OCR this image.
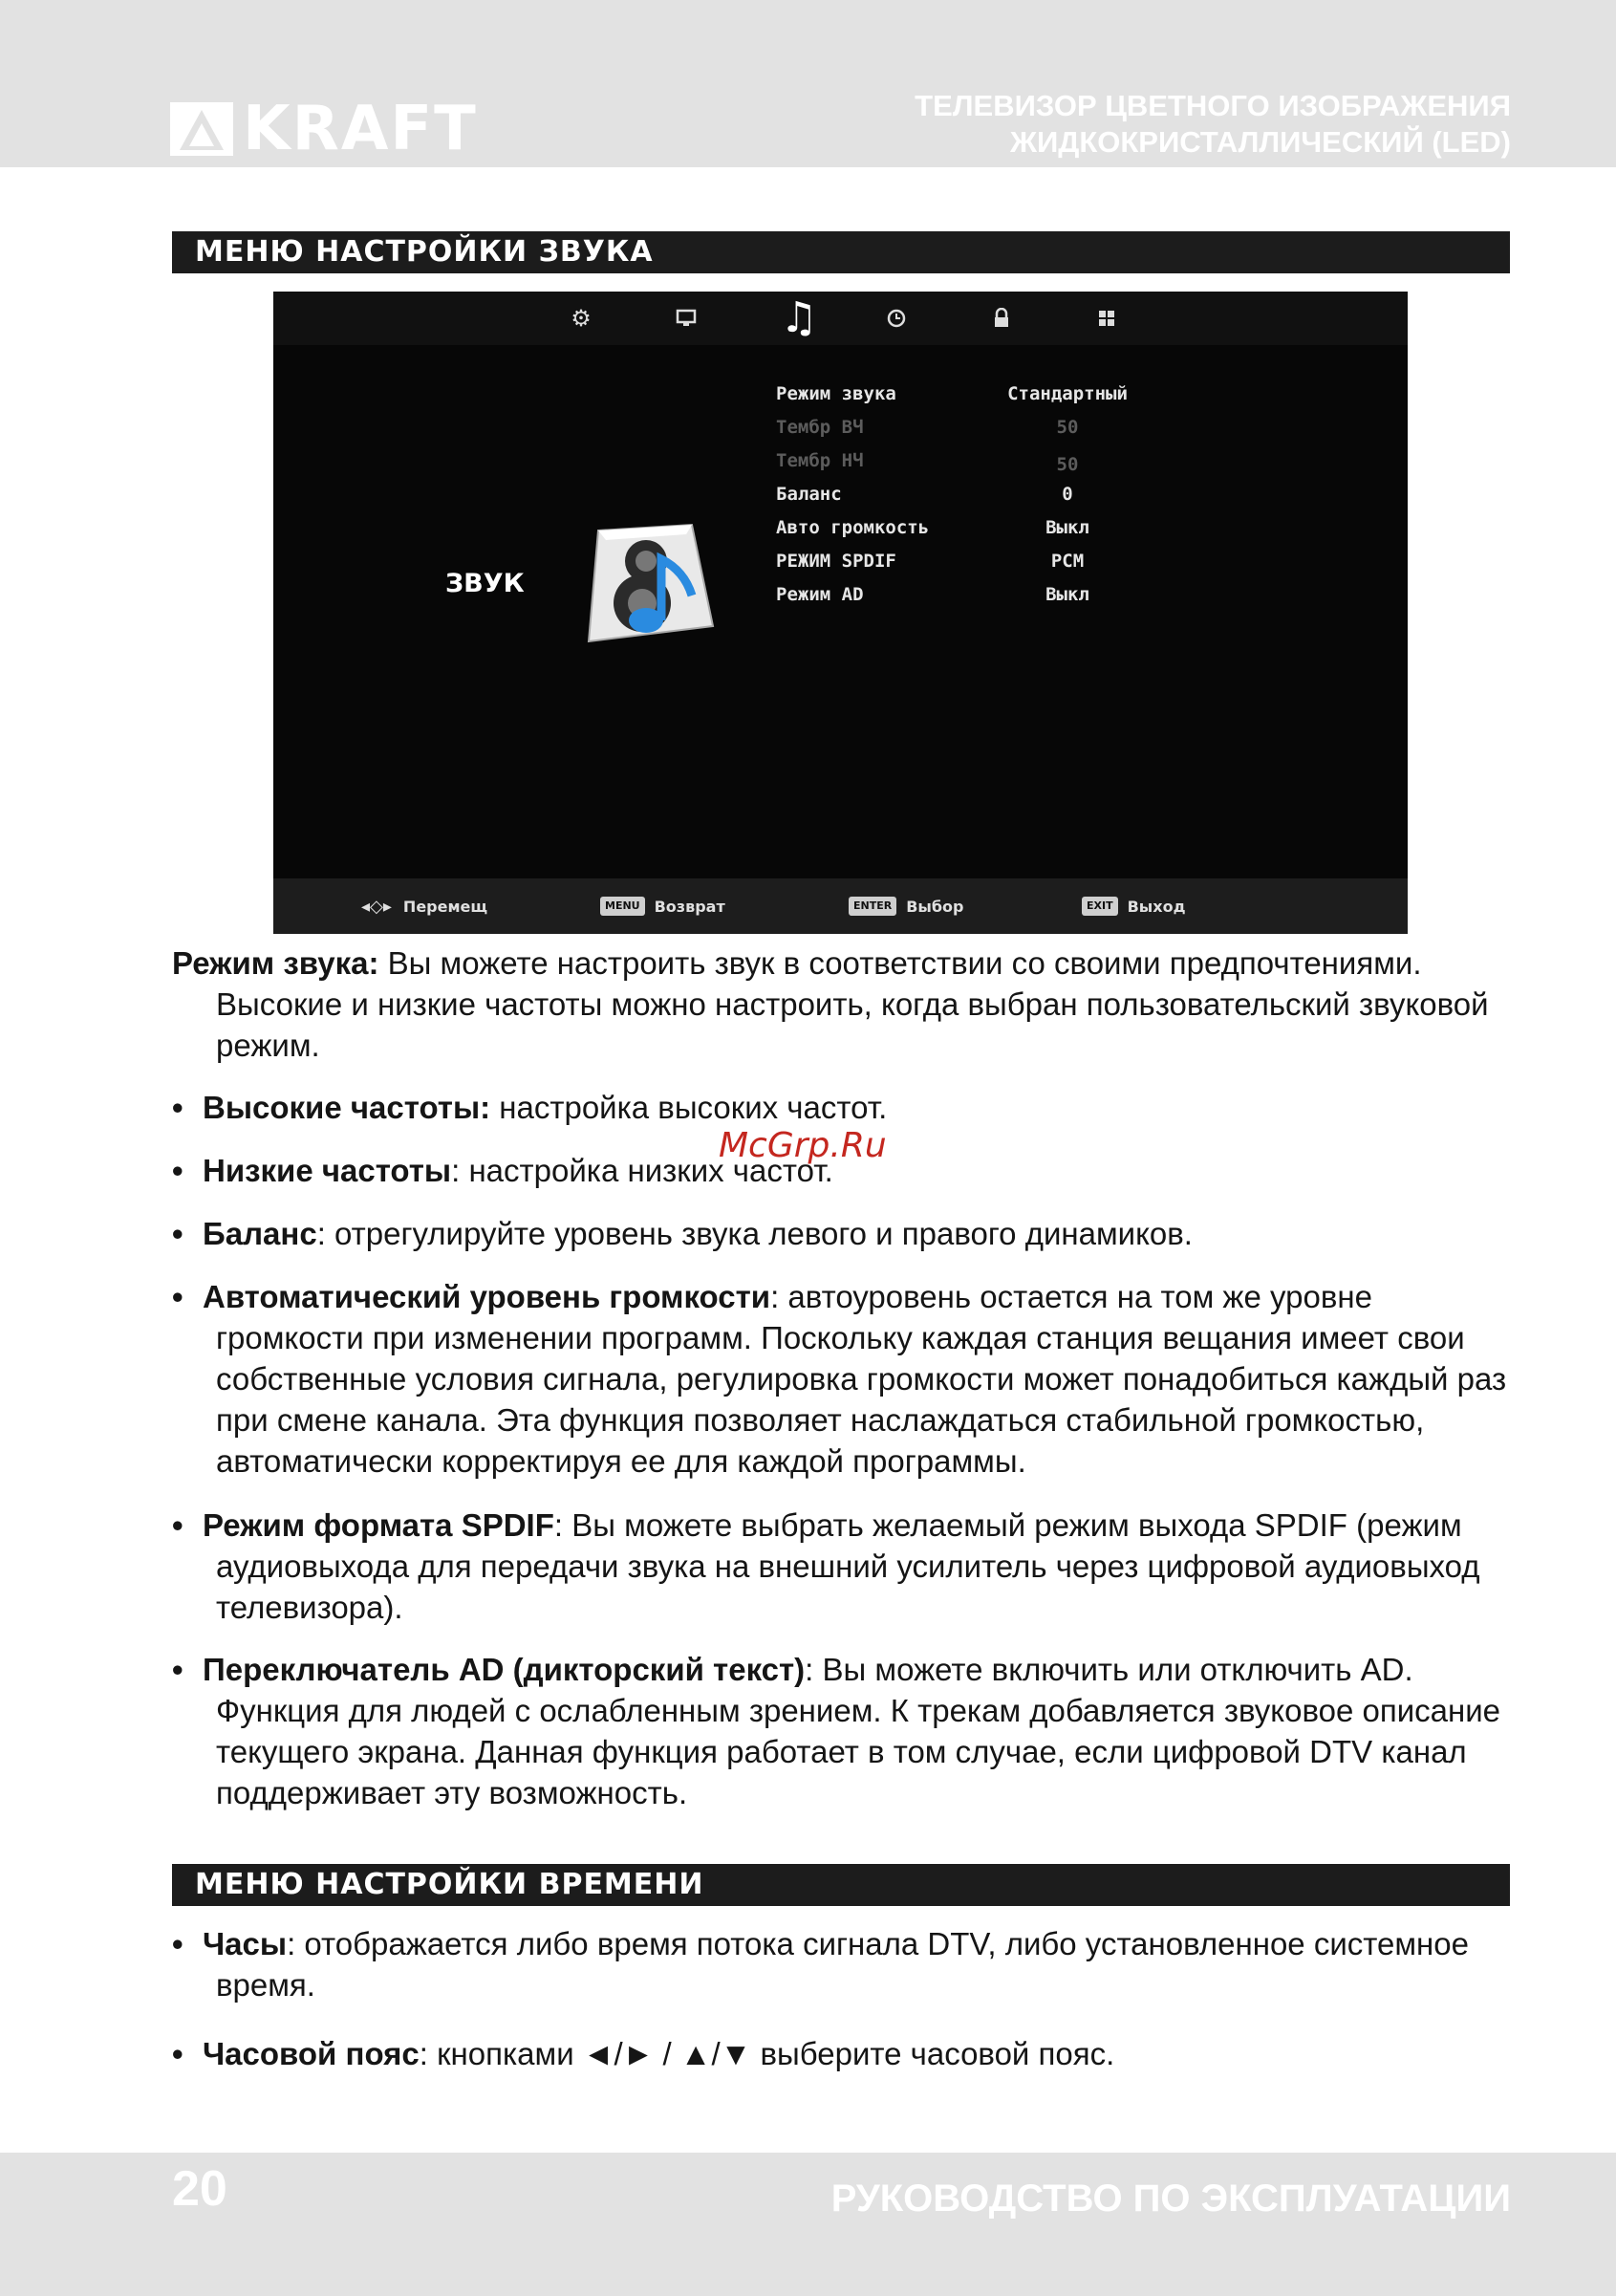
KRAFT	ТЕЛЕВИЗОР ЦВЕТНОГО ИЗОБРАЖЕНИЯ
ЖИДКОКРИСТАЛЛИЧЕСКИЙ (LED)
МЕНЮ НАСТРОЙКИ ЗВУКА
⚙	♫
ЗВУК
Режим звука	Стандартный
Тембр ВЧ	50
Тембр НЧ	50
Баланс	0
Авто громкость	Выкл
РЕЖИМ SPDIF	PCM
Режим AD	Выкл
◂◇▸ Перемещ	MENU Возврат	ENTER Выбор	EXIT Выход
Режим звука: Вы можете настроить звук в соответствии со своими предпочтениями. Высокие и низкие частоты можно настроить, когда выбран пользовательский звуковой режим.
• Высокие частоты: настройка высоких частот.
• Низкие частоты: настройка низких частот.
• Баланс: отрегулируйте уровень звука левого и правого динамиков.
• Автоматический уровень громкости: автоуровень остается на том же уровне громкости при изменении программ. Поскольку каждая станция вещания имеет свои собственные условия сигнала, регулировка громкости может понадобиться каждый раз при смене канала. Эта функция позволяет наслаждаться стабильной громкостью, автоматически корректируя ее для каждой программы.
• Режим формата SPDIF: Вы можете выбрать желаемый режим выхода SPDIF (режим аудиовыхода для передачи звука на внешний усилитель через цифровой аудиовыход телевизора).
• Переключатель AD (дикторский текст): Вы можете включить или отключить AD. Функция для людей с ослабленным зрением. К трекам добавляется звуковое описание текущего экрана. Данная функция работает в том случае, если цифровой DTV канал поддерживает эту возможность.
McGrp.Ru
МЕНЮ НАСТРОЙКИ ВРЕМЕНИ
• Часы: отображается либо время потока сигнала DTV, либо установленное системное время.
• Часовой пояс: кнопками ◄/► / ▲/▼ выберите часовой пояс.
20	РУКОВОДСТВО ПО ЭКСПЛУАТАЦИИ
